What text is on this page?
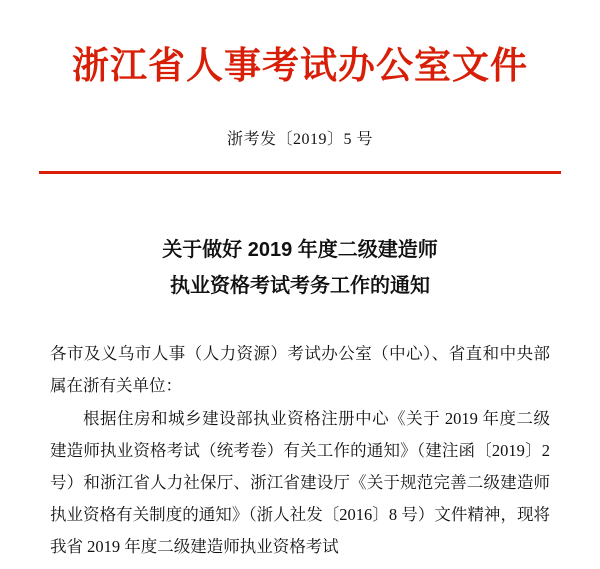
浙江省人事考试办公室文件
浙考发〔2019〕5 号
关于做好 2019 年度二级建造师
执业资格考试考务工作的通知

各市及义乌市人事（人力资源）考试办公室（中心）、省直和中央部属在浙有关单位：

根据住房和城乡建设部执业资格注册中心《关于 2019 年度二级建造师执业资格考试（统考卷）有关工作的通知》（建注函〔2019〕2 号）和浙江省人力社保厅、浙江省建设厅《关于规范完善二级建造师执业资格有关制度的通知》（浙人社发〔2016〕8 号）文件精神，现将我省 2019 年度二级建造师执业资格考试
